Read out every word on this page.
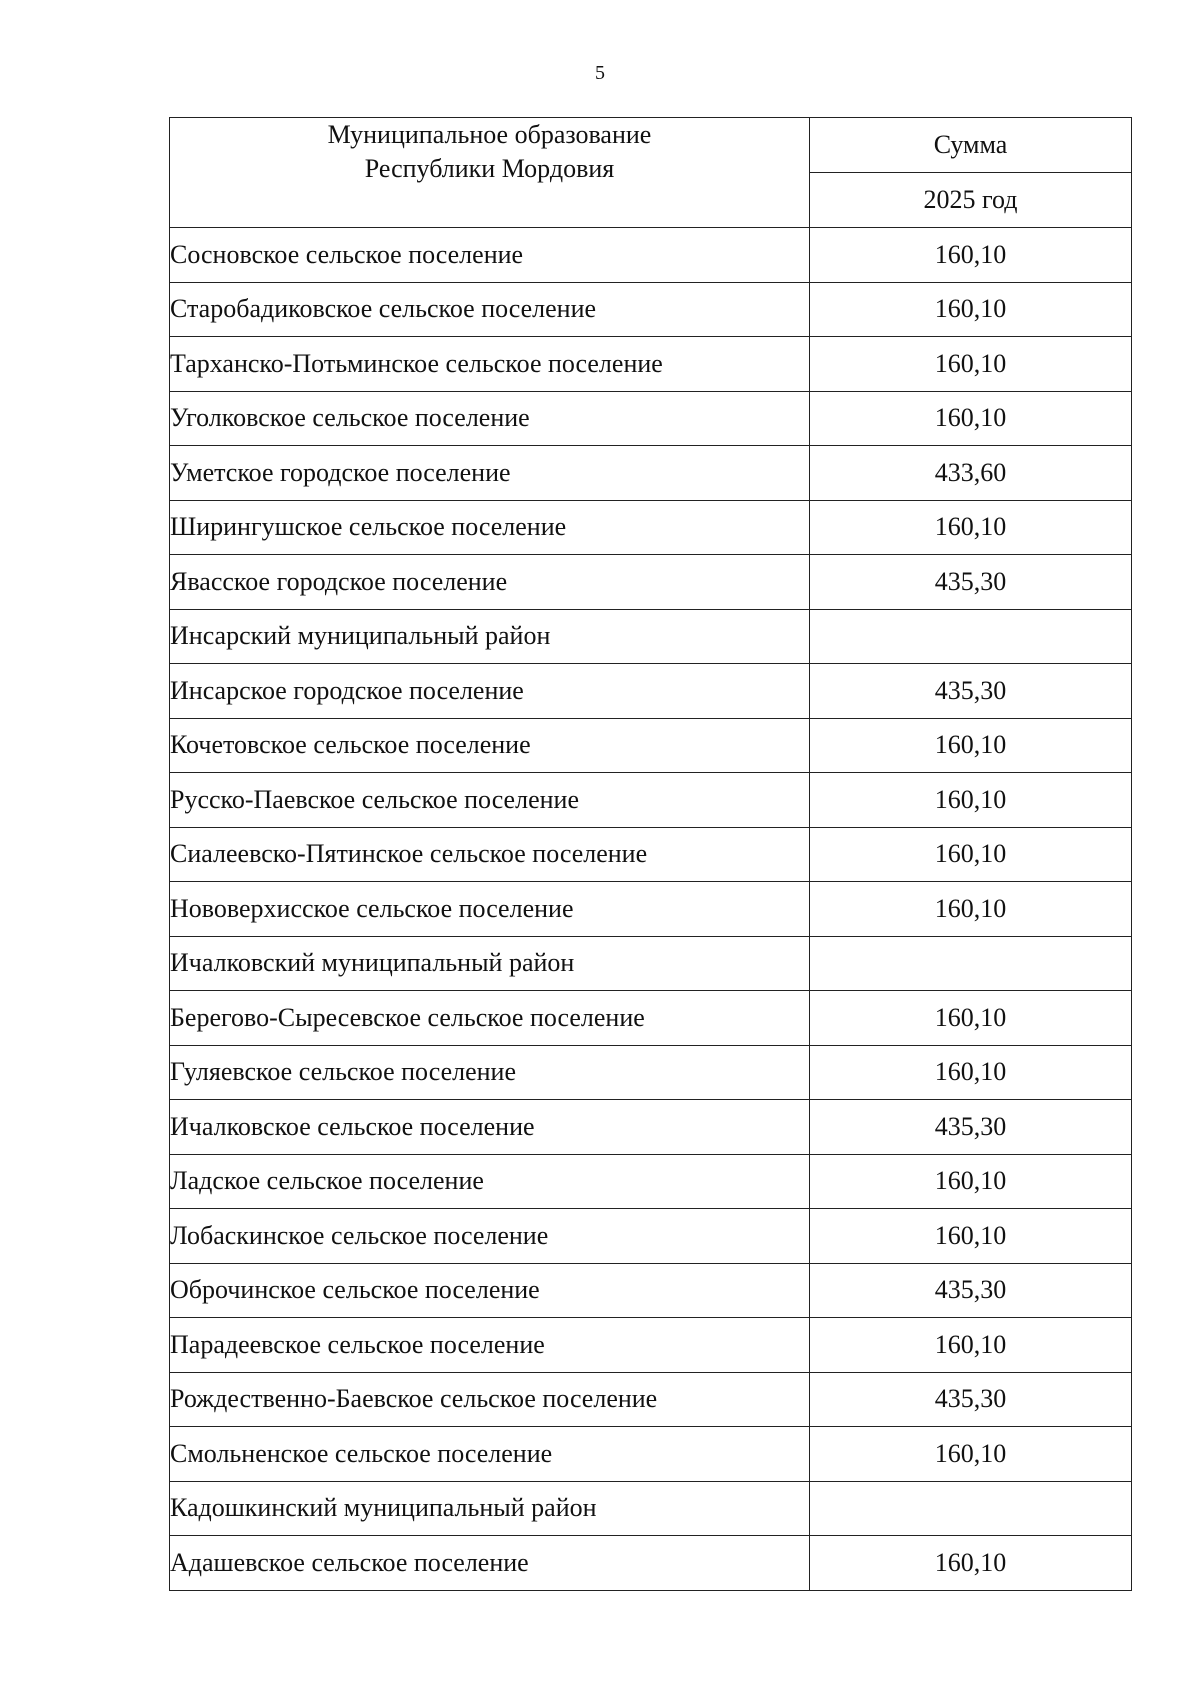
5
Муниципальное образование
Республики Мордовия	Сумма
	2025 год
Сосновское сельское поселение	160,10
Старобадиковское сельское поселение	160,10
Тарханско-Потьминское сельское поселение	160,10
Уголковское сельское поселение	160,10
Уметское городское поселение	433,60
Ширингушское сельское поселение	160,10
Явасское городское поселение	435,30
Инсарский муниципальный район	
Инсарское городское поселение	435,30
Кочетовское сельское поселение	160,10
Русско-Паевское сельское поселение	160,10
Сиалеевско-Пятинское сельское поселение	160,10
Нововерхисское сельское поселение	160,10
Ичалковский муниципальный район	
Берегово-Сыресевское сельское поселение	160,10
Гуляевское сельское поселение	160,10
Ичалковское сельское поселение	435,30
Ладское сельское поселение	160,10
Лобаскинское сельское поселение	160,10
Оброчинское сельское поселение	435,30
Парадеевское сельское поселение	160,10
Рождественно-Баевское сельское поселение	435,30
Смольненское сельское поселение	160,10
Кадошкинский муниципальный район	
Адашевское сельское поселение	160,10
